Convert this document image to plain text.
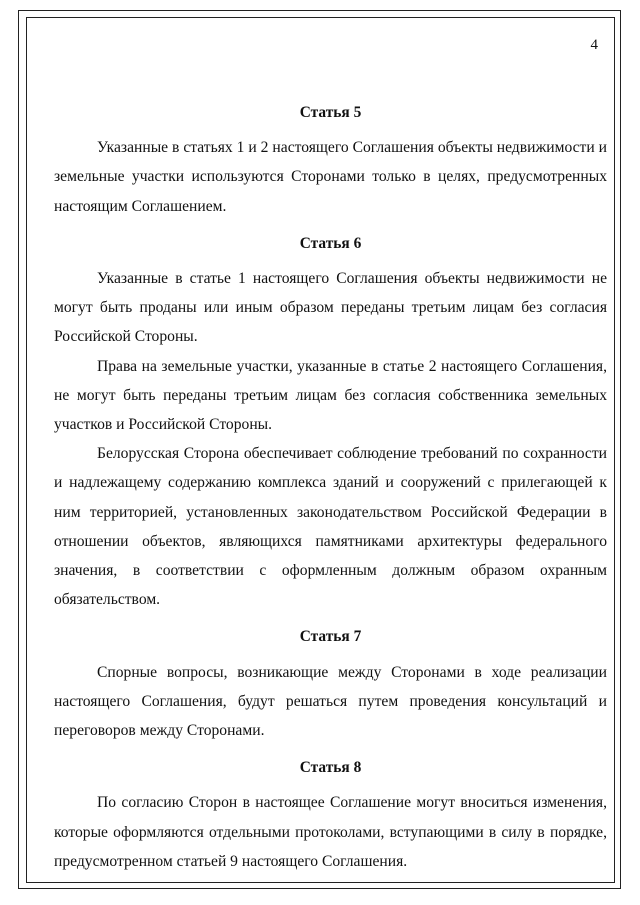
4
Статья 5

Указанные в статьях 1 и 2 настоящего Соглашения объекты недвижимости и земельные участки используются Сторонами только в целях, предусмотренных настоящим Соглашением.

Статья 6

Указанные в статье 1 настоящего Соглашения объекты недвижимости не могут быть проданы или иным образом переданы третьим лицам без согласия Российской Стороны.

Права на земельные участки, указанные в статье 2 настоящего Соглашения, не могут быть переданы третьим лицам без согласия собственника земельных участков и Российской Стороны.

Белорусская Сторона обеспечивает соблюдение требований по сохранности и надлежащему содержанию комплекса зданий и сооружений с прилегающей к ним территорией, установленных законодательством Российской Федерации в отношении объектов, являющихся памятниками архитектуры федерального значения, в соответствии с оформленным должным образом охранным обязательством.

Статья 7

Спорные вопросы, возникающие между Сторонами в ходе реализации настоящего Соглашения, будут решаться путем проведения консультаций и переговоров между Сторонами.

Статья 8

По согласию Сторон в настоящее Соглашение могут вноситься изменения, которые оформляются отдельными протоколами, вступающими в силу в порядке, предусмотренном статьей 9 настоящего Соглашения.
